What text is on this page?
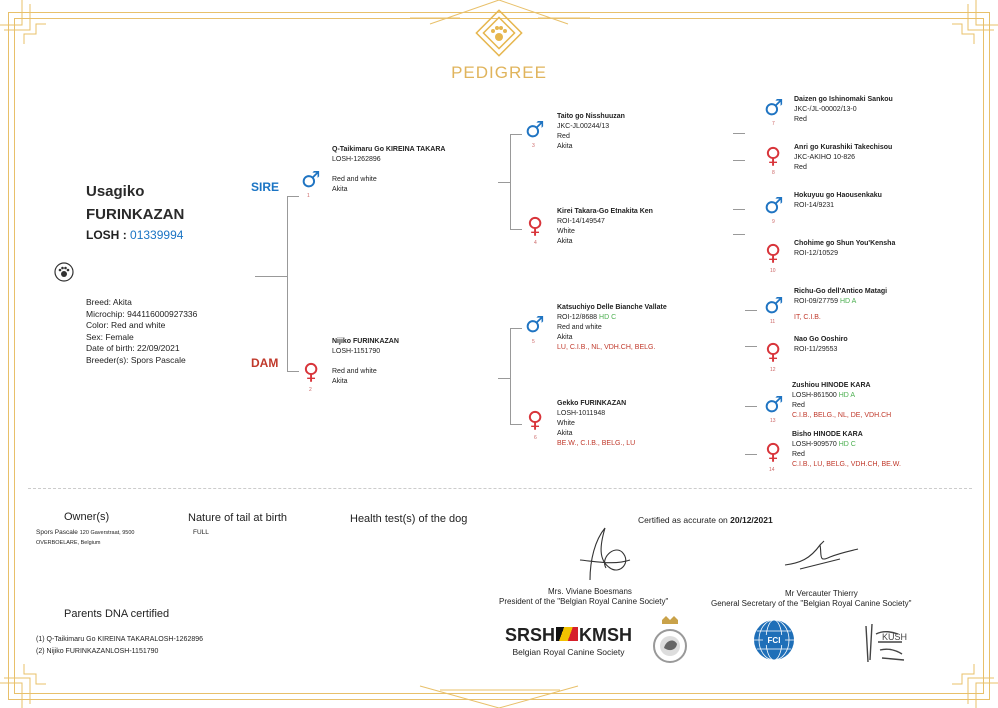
PEDIGREE
Usagiko
FURINKAZAN
LOSH : 01339994
Breed: Akita
Microchip: 944116000927336
Color: Red and white
Sex: Female
Date of birth: 22/09/2021
Breeder(s): Spors Pascale
SIRE
DAM
♂
1
Q-Taikimaru Go KIREINA TAKARA
LOSH-1262896

Red and white
Akita
♀
2
Nijiko FURINKAZAN
LOSH-1151790

Red and white
Akita
♂
3
Taito go Nisshuuzan
JKC-JL00244/13
Red
Akita
♀
4
Kirei Takara-Go Etnakita Ken
ROI-14/149547
White
Akita
♂
5
Katsuchiyo Delle Bianche Vallate
ROI-12/8688 HD C
Red and white
Akita
LU, C.I.B., NL, VDH.CH, BELG.
♀
6
Gekko FURINKAZAN
LOSH-1011948
White
Akita
BE.W., C.I.B., BELG., LU
♂
7
Daizen go Ishinomaki Sankou
JKC-/JL-00002/13-0
Red
♀
8
Anri go Kurashiki Takechisou
JKC-AKIHO 10-826
Red
♂
9
Hokuyuu go Haousenkaku
ROI-14/9231
♀
10
Chohime go Shun You'Kensha
ROI-12/10529
♂
11
Richu-Go dell'Antico Matagi
ROI-09/27759 HD A
IT, C.I.B.
♀
12
Nao Go Ooshiro
ROI-11/29553
♂
13
Zushiou HINODE KARA
LOSH-861500 HD A
Red
C.I.B., BELG., NL, DE, VDH.CH
♀
14
Bisho HINODE KARA
LOSH-909570 HD C
Red
C.I.B., LU, BELG., VDH.CH, BE.W.
Owner(s)
Spors Pascale 120 Gaverstraat, 9500
OVERBOELARE, Belgium
Nature of tail at birth
FULL
Health test(s) of the dog	Certified as accurate on 20/12/2021
Mrs. Viviane Boesmans
President of the "Belgian Royal Canine Society"
Mr Vercauter Thierry
General Secretary of the "Belgian Royal Canine Society"
Parents DNA certified
(1) Q-Taikimaru Go KIREINA TAKARALOSH-1262896
(2) Nijiko FURINKAZANLOSH-1151790
SRSH KMSH
Belgian Royal Canine Society
FCI	KUSH
